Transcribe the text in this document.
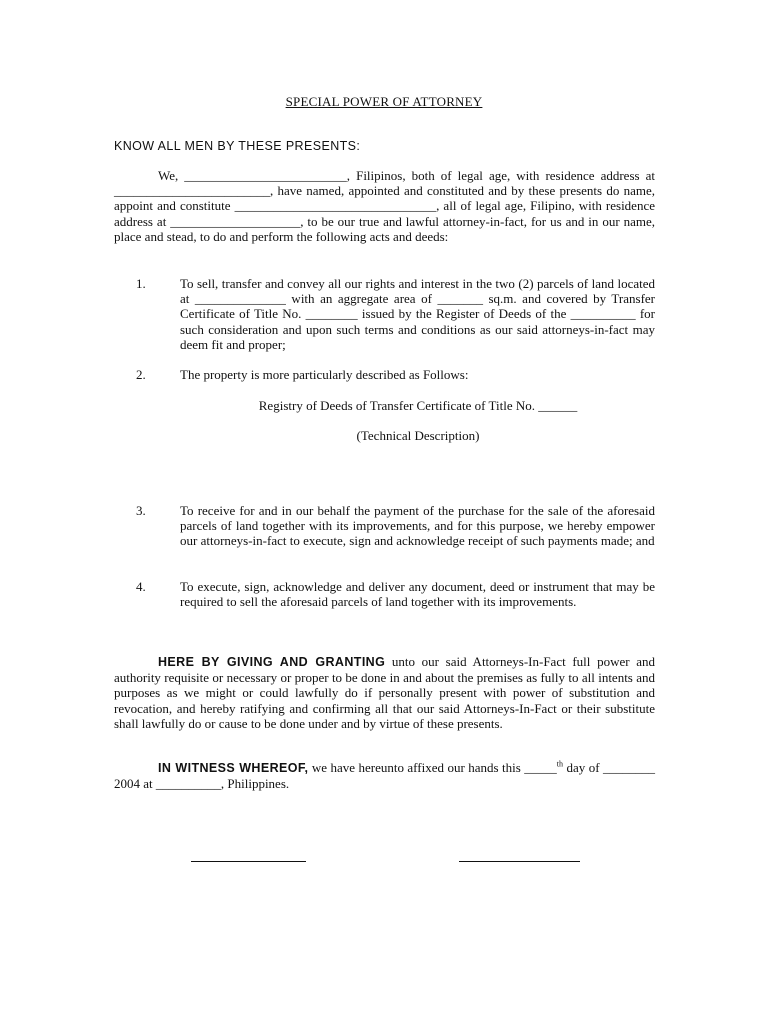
SPECIAL POWER OF ATTORNEY
KNOW ALL MEN BY THESE PRESENTS:

We, _________________________, Filipinos, both of legal age, with residence address at ________________________, have named, appointed and constituted and by these presents do name, appoint and constitute _______________________________, all of legal age, Filipino, with residence address at ____________________, to be our true and lawful attorney-in-fact, for us and in our name, place and stead, to do and perform the following acts and deeds:

1.	To sell, transfer and convey all our rights and interest in the two (2) parcels of land located at ______________ with an aggregate area of _______ sq.m. and covered by Transfer Certificate of Title No. ________ issued by the Register of Deeds of the __________ for such consideration and upon such terms and conditions as our said attorneys-in-fact may deem fit and proper;

2.	The property is more particularly described as Follows:

Registry of Deeds of Transfer Certificate of Title No. ______
(Technical Description)
3.	To receive for and in our behalf the payment of the purchase for the sale of the aforesaid parcels of land together with its improvements, and for this purpose, we hereby empower our attorneys-in-fact to execute, sign and acknowledge receipt of such payments made; and

4.	To execute, sign, acknowledge and deliver any document, deed or instrument that may be required to sell the aforesaid parcels of land together with its improvements.

HERE BY GIVING AND GRANTING unto our said Attorneys-In-Fact full power and authority requisite or necessary or proper to be done in and about the premises as fully to all intents and purposes as we might or could lawfully do if personally present with power of substitution and revocation, and hereby ratifying and confirming all that our said Attorneys-In-Fact or their substitute shall lawfully do or cause to be done under and by virtue of these presents.

IN WITNESS WHEREOF, we have hereunto affixed our hands this _____$^{th}$ day of ________ 2004 at __________, Philippines.
